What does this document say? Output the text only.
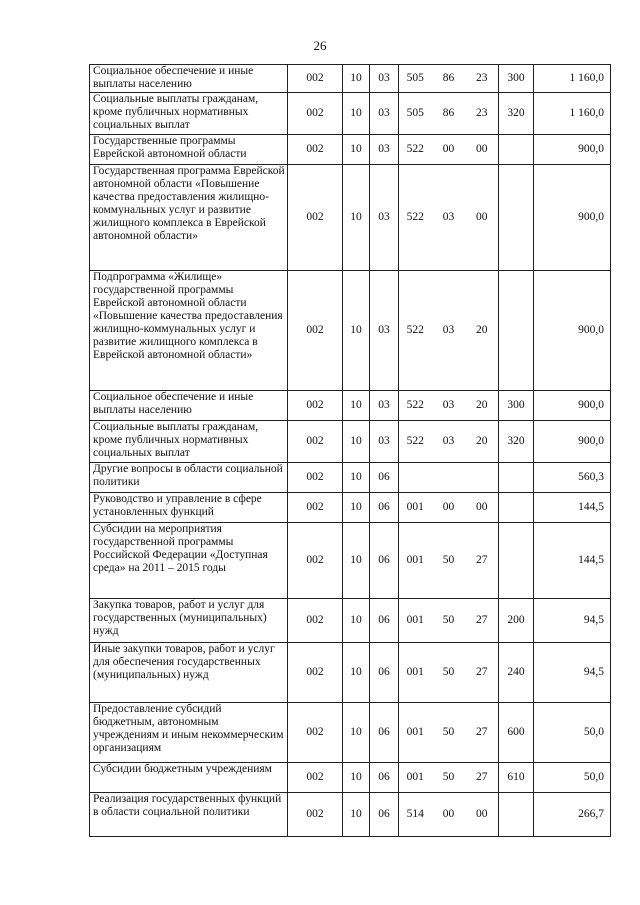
26
Социальное обеспечение и иные выплаты населению	002	10	03	505	86	23	300	1 160,0
Социальные выплаты гражданам, кроме публичных нормативных социальных выплат	002	10	03	505	86	23	320	1 160,0
Государственные программы Еврейской автономной области	002	10	03	522	00	00		900,0
Государственная программа Еврейской автономной области «Повышение качества предоставления жилищно-коммунальных услуг и развитие жилищного комплекса в Еврейской автономной области»	002	10	03	522	03	00		900,0
Подпрограмма «Жилище» государственной программы Еврейской автономной области «Повышение качества предоставления жилищно-коммунальных услуг и развитие жилищного комплекса в Еврейской автономной области»	002	10	03	522	03	20		900,0
Социальное обеспечение и иные выплаты населению	002	10	03	522	03	20	300	900,0
Социальные выплаты гражданам, кроме публичных нормативных социальных выплат	002	10	03	522	03	20	320	900,0
Другие вопросы в области социальной политики	002	10	06					560,3
Руководство и управление в сфере установленных функций	002	10	06	001	00	00		144,5
Субсидии на мероприятия государственной программы Российской Федерации «Доступная среда» на 2011 – 2015 годы	002	10	06	001	50	27		144,5
Закупка товаров, работ и услуг для государственных (муниципальных) нужд	002	10	06	001	50	27	200	94,5
Иные закупки товаров, работ и услуг для обеспечения государственных (муниципальных) нужд	002	10	06	001	50	27	240	94,5
Предоставление субсидий бюджетным, автономным учреждениям и иным некоммерческим организациям	002	10	06	001	50	27	600	50,0
Субсидии бюджетным учреждениям	002	10	06	001	50	27	610	50,0
Реализация государственных функций в области социальной политики	002	10	06	514	00	00		266,7
